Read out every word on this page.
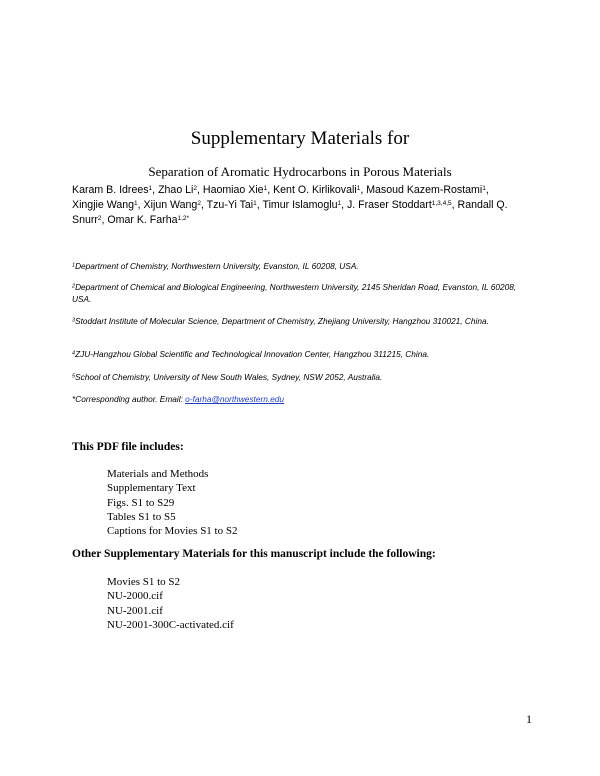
Supplementary Materials for
Separation of Aromatic Hydrocarbons in Porous Materials
Karam B. Idrees$^1$, Zhao Li$^2$, Haomiao Xie$^1$, Kent O. Kirlikovali$^1$, Masoud Kazem-Rostami$^1$,
Xingjie Wang$^1$, Xijun Wang$^2$, Tzu-Yi Tai$^1$, Timur Islamoglu$^1$, J. Fraser Stoddart$^{1,3,4,5}$, Randall Q. Snurr$^2$, Omar K. Farha$^{1,2*}$
$^1$Department of Chemistry, Northwestern University, Evanston, IL 60208, USA.
$^2$Department of Chemical and Biological Engineering, Northwestern University, 2145 Sheridan Road, Evanston, IL 60208, USA.
$^3$Stoddart Institute of Molecular Science, Department of Chemistry, Zhejiang University, Hangzhou 310021, China.
$^4$ZJU-Hangzhou Global Scientific and Technological Innovation Center, Hangzhou 311215, China.
$^5$School of Chemistry, University of New South Wales, Sydney, NSW 2052, Australia.
*Corresponding author. Email: o-farha@northwestern.edu
This PDF file includes:
Materials and Methods
Supplementary Text
Figs. S1 to S29
Tables S1 to S5
Captions for Movies S1 to S2
Other Supplementary Materials for this manuscript include the following:
Movies S1 to S2
NU-2000.cif
NU-2001.cif
NU-2001-300C-activated.cif
1
